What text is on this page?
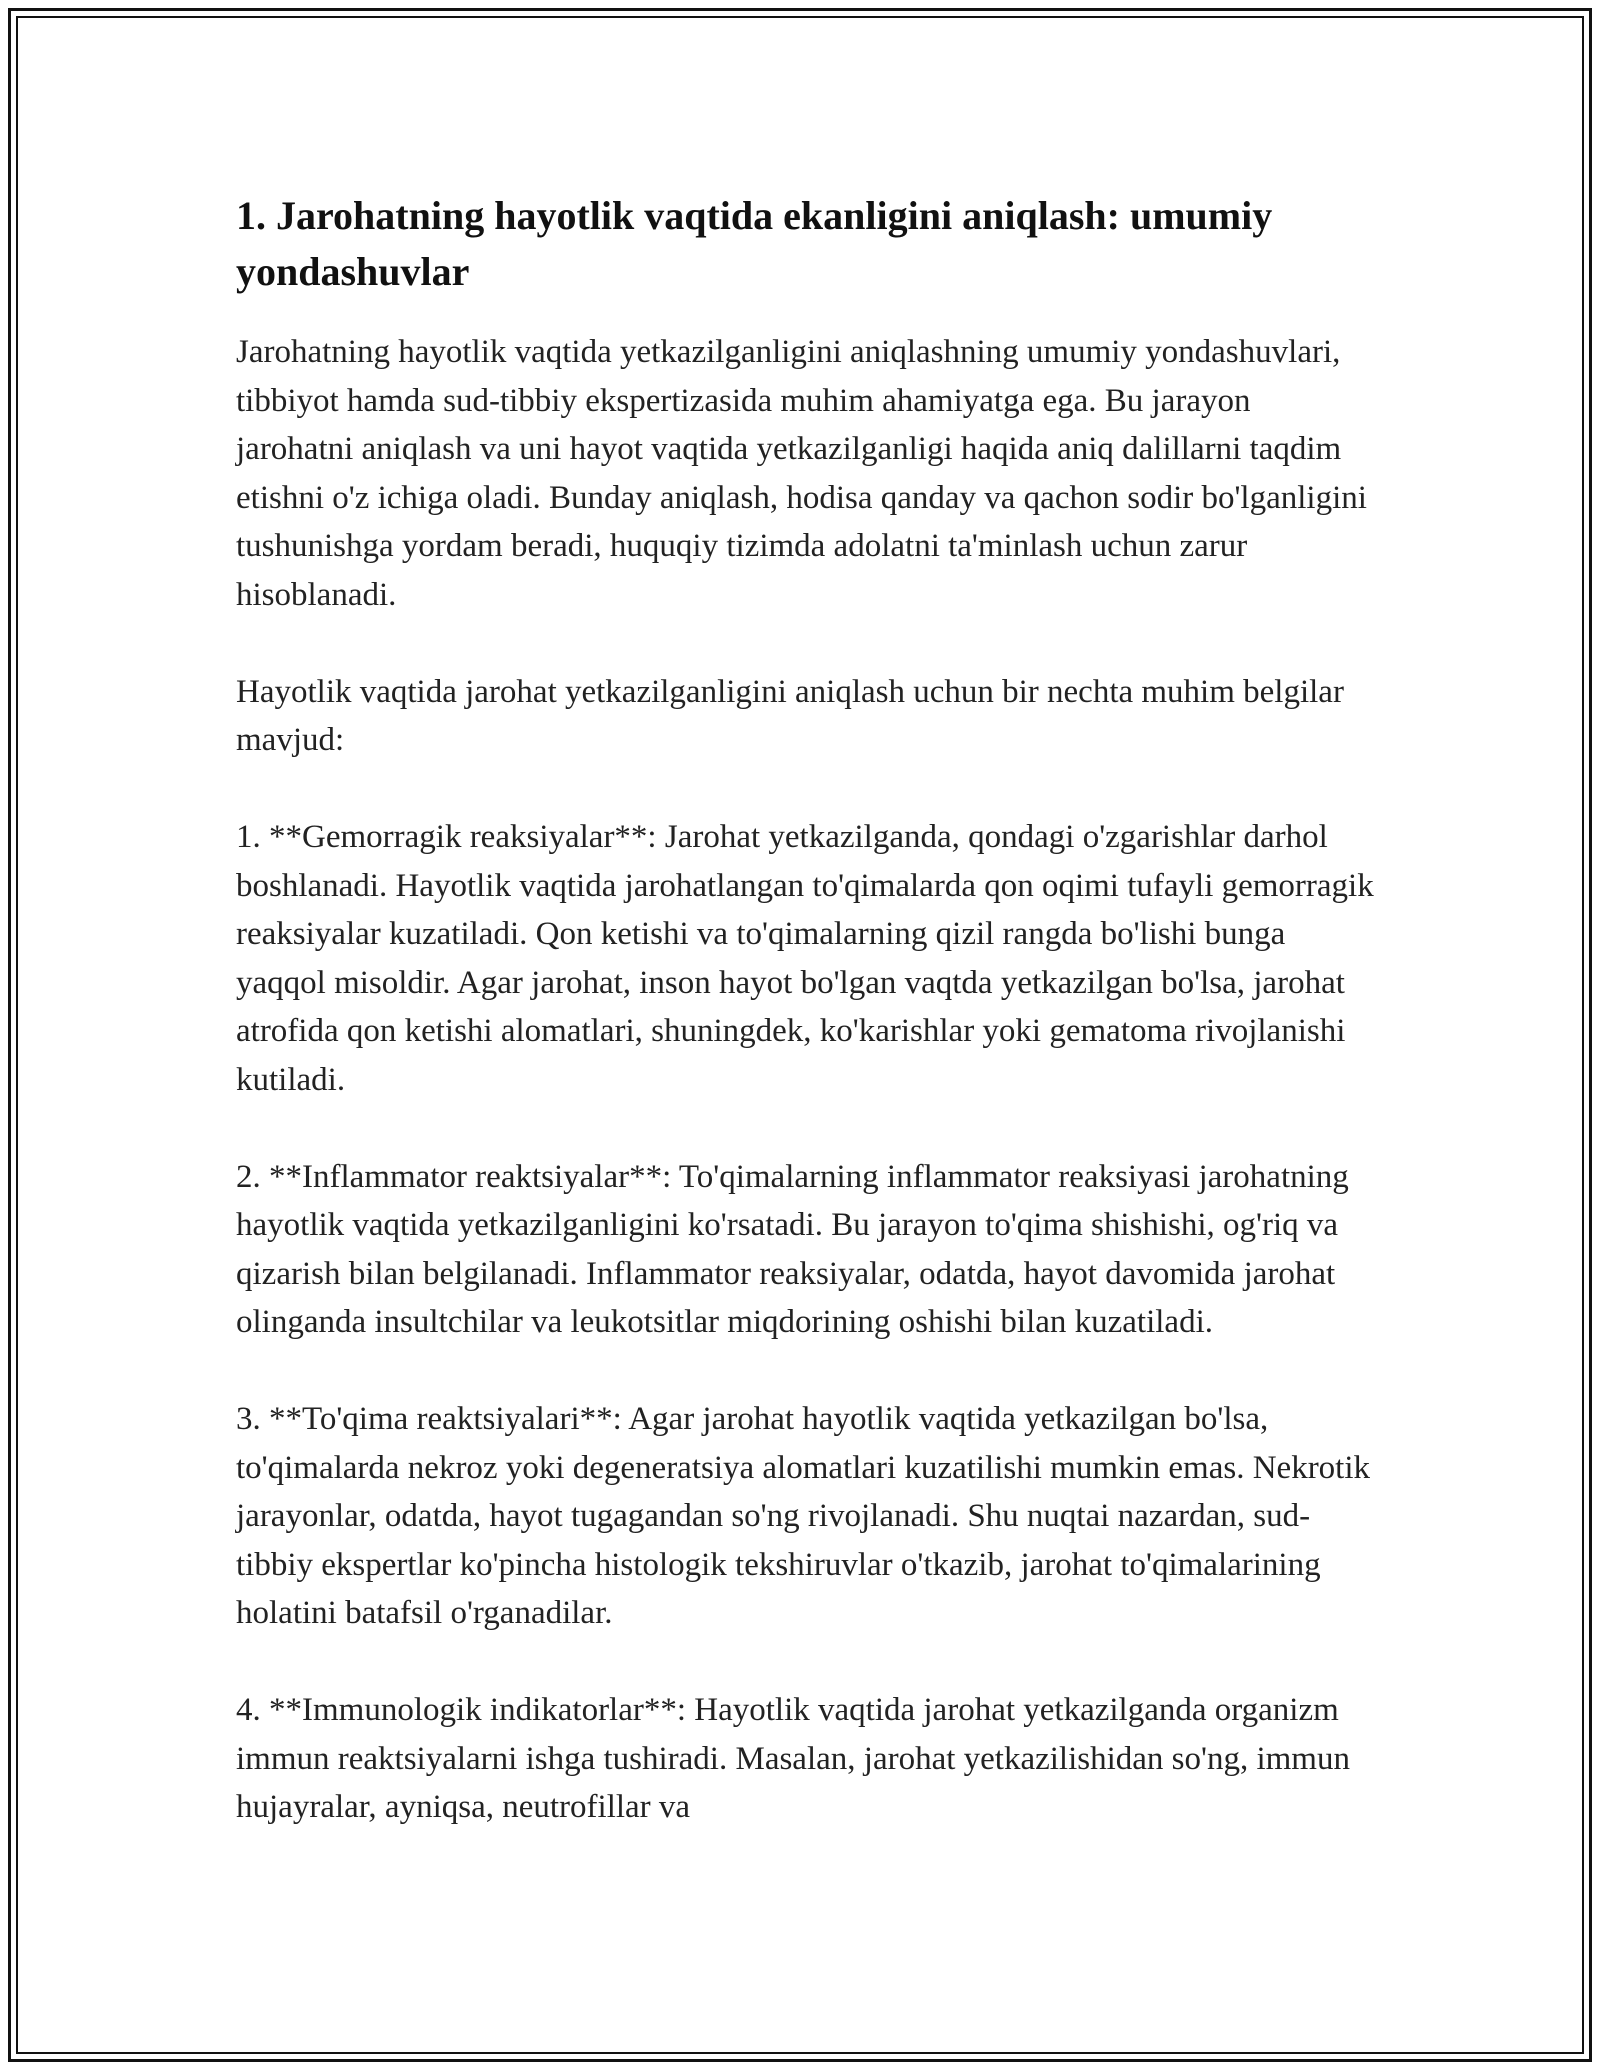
1. Jarohatning hayotlik vaqtida ekanligini aniqlash: umumiy yondashuvlar

Jarohatning hayotlik vaqtida yetkazilganligini aniqlashning umumiy yondashuvlari, tibbiyot hamda sud-tibbiy ekspertizasida muhim ahamiyatga ega. Bu jarayon jarohatni aniqlash va uni hayot vaqtida yetkazilganligi haqida aniq dalillarni taqdim etishni o'z ichiga oladi. Bunday aniqlash, hodisa qanday va qachon sodir bo'lganligini tushunishga yordam beradi, huquqiy tizimda adolatni ta'minlash uchun zarur hisoblanadi.

Hayotlik vaqtida jarohat yetkazilganligini aniqlash uchun bir nechta muhim belgilar mavjud:

1. **Gemorragik reaksiyalar**: Jarohat yetkazilganda, qondagi o'zgarishlar darhol boshlanadi. Hayotlik vaqtida jarohatlangan to'qimalarda qon oqimi tufayli gemorragik reaksiyalar kuzatiladi. Qon ketishi va to'qimalarning qizil rangda bo'lishi bunga yaqqol misoldir. Agar jarohat, inson hayot bo'lgan vaqtda yetkazilgan bo'lsa, jarohat atrofida qon ketishi alomatlari, shuningdek, ko'karishlar yoki gematoma rivojlanishi kutiladi.

2. **Inflammator reaktsiyalar**: To'qimalarning inflammator reaksiyasi jarohatning hayotlik vaqtida yetkazilganligini ko'rsatadi. Bu jarayon to'qima shishishi, og'riq va qizarish bilan belgilanadi. Inflammator reaksiyalar, odatda, hayot davomida jarohat olinganda insultchilar va leukotsitlar miqdorining oshishi bilan kuzatiladi.

3. **To'qima reaktsiyalari**: Agar jarohat hayotlik vaqtida yetkazilgan bo'lsa, to'qimalarda nekroz yoki degeneratsiya alomatlari kuzatilishi mumkin emas. Nekrotik jarayonlar, odatda, hayot tugagandan so'ng rivojlanadi. Shu nuqtai nazardan, sud-tibbiy ekspertlar ko'pincha histologik tekshiruvlar o'tkazib, jarohat to'qimalarining holatini batafsil o'rganadilar.

4. **Immunologik indikatorlar**: Hayotlik vaqtida jarohat yetkazilganda organizm immun reaktsiyalarni ishga tushiradi. Masalan, jarohat yetkazilishidan so'ng, immun hujayralar, ayniqsa, neutrofillar va
